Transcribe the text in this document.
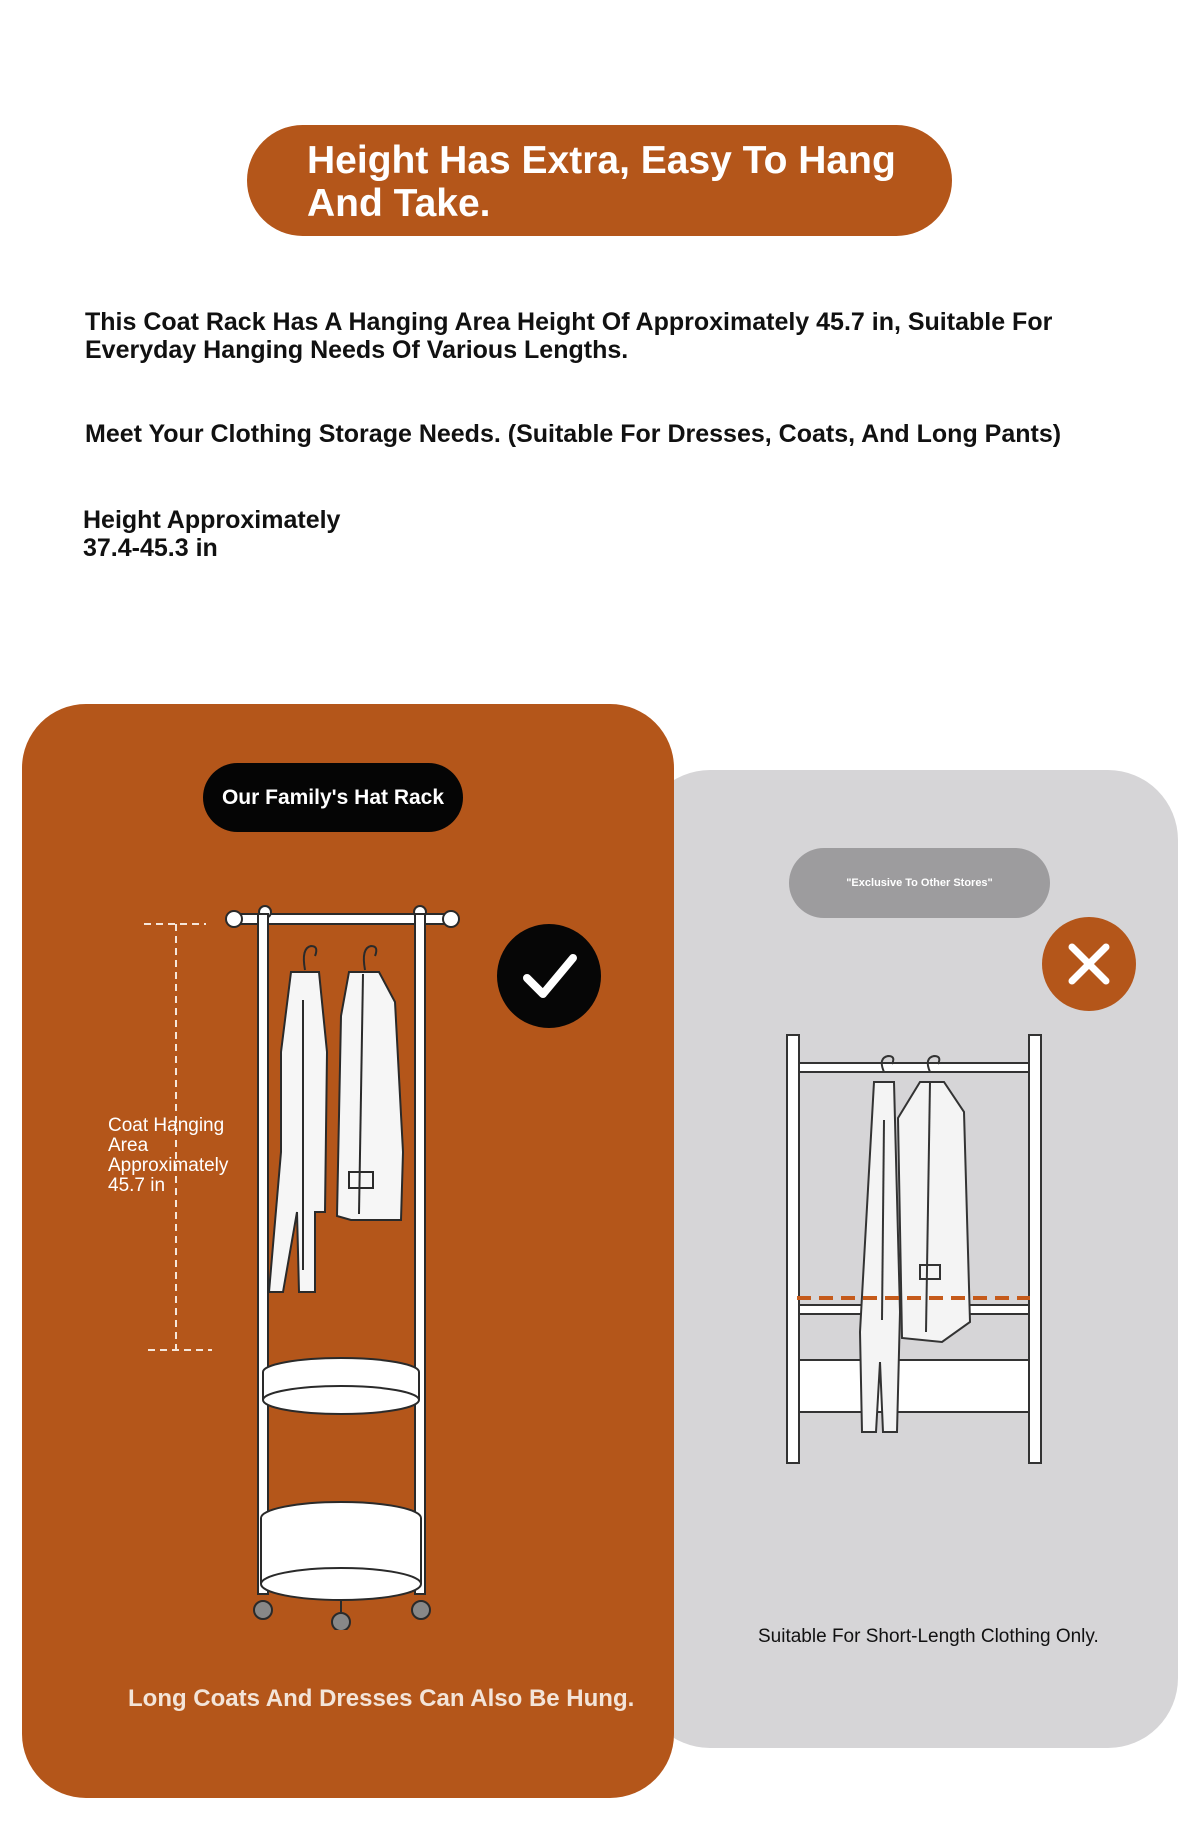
Height Has Extra, Easy To Hang
And Take.

This Coat Rack Has A Hanging Area Height Of Approximately 45.7 in, Suitable For
Everyday Hanging Needs Of Various Lengths.

Meet Your Clothing Storage Needs. (Suitable For Dresses, Coats, And Long Pants)

Height Approximately
37.4-45.3 in

"Exclusive To Other Stores"
Suitable For Short-Length Clothing Only.
Our Family's Hat Rack

Coat Hanging
Area
Approximately
45.7 in

Long Coats And Dresses Can Also Be Hung.
